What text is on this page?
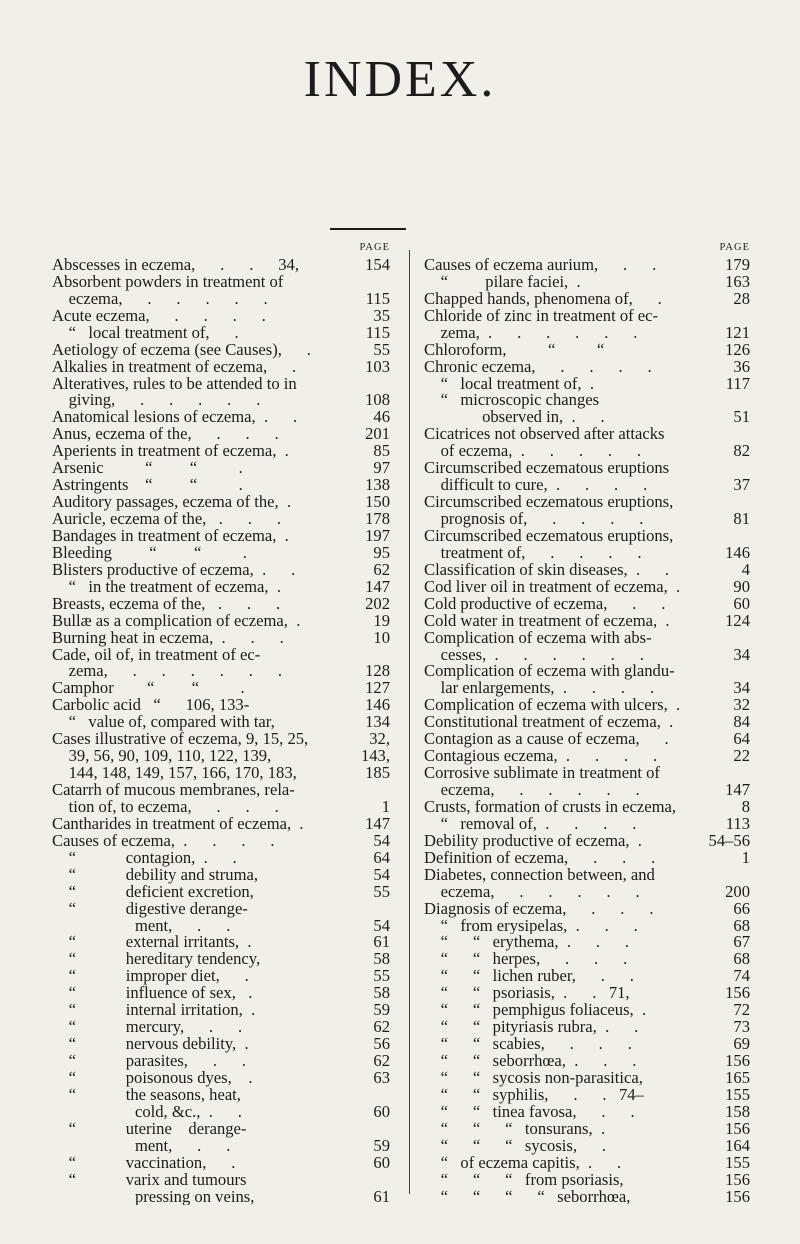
INDEX.
PAGE
Abscesses in eczema,      .      .      34,	154
Absorbent powders in treatment of
eczema,      .      .      .      .      .	115
Acute eczema,      .      .      .      .	35
“   local treatment of,      .	115
Aetiology of eczema (see Causes),      .	55
Alkalies in treatment of eczema,      .	103
Alteratives, rules to be attended to in
giving,      .      .      .      .      .	108
Anatomical lesions of eczema,  .      .	46
Anus, eczema of the,      .      .      .	201
Aperients in treatment of eczema,  .	85
Arsenic          “         “          .	97
Astringents    “         “          .	138
Auditory passages, eczema of the,  .	150
Auricle, eczema of the,   .      .      .	178
Bandages in treatment of eczema,  .	197
Bleeding         “         “          .	95
Blisters productive of eczema,  .      .	62
“   in the treatment of eczema,  .	147
Breasts, eczema of the,   .      .      .	202
Bullæ as a complication of eczema,  .	19
Burning heat in eczema,  .      .      .	10
Cade, oil of, in treatment of ec-
zema,      .      .      .      .      .      .	128
Camphor        “         “          .	127
Carbolic acid   “      106, 133-	146
“   value of, compared with tar,	134
Cases illustrative of eczema, 9, 15, 25,	32,
39, 56, 90, 109, 110, 122, 139,	143,
144, 148, 149, 157, 166, 170, 183,	185
Catarrh of mucous membranes, rela-
tion of, to eczema,      .      .      .	1
Cantharides in treatment of eczema,  .	147
Causes of eczema,  .      .      .      .	54
“            contagion,  .      .	64
“            debility and struma,	54
“            deficient excretion,	55
“            digestive derange-
ment,      .      .	54
“            external irritants,  .	61
“            hereditary tendency,	58
“            improper diet,      .	55
“            influence of sex,   .	58
“            internal irritation,  .	59
“            mercury,      .      .	62
“            nervous debility,  .	56
“            parasites,      .      .	62
“            poisonous dyes,    .	63
“            the seasons, heat,
cold, &c.,  .      .	60
“            uterine    derange-
ment,      .      .	59
“            vaccination,      .	60
“            varix and tumours
pressing on veins,	61
PAGE
Causes of eczema aurium,      .      .	179
“         pilare faciei,  .	163
Chapped hands, phenomena of,      .	28
Chloride of zinc in treatment of ec-
zema,  .      .      .      .      .      .	121
Chloroform,          “          “	126
Chronic eczema,      .      .      .      .	36
“   local treatment of,  .	117
“   microscopic changes
observed in,  .      .	51
Cicatrices not observed after attacks
of eczema,  .      .      .      .      .	82
Circumscribed eczematous eruptions
difficult to cure,  .      .      .      .	37
Circumscribed eczematous eruptions,
prognosis of,      .      .      .      .	81
Circumscribed eczematous eruptions,
treatment of,      .      .      .      .	146
Classification of skin diseases,  .      .	4
Cod liver oil in treatment of eczema,  .	90
Cold productive of eczema,      .      .	60
Cold water in treatment of eczema,  .	124
Complication of eczema with abs-
cesses,  .      .      .      .      .      .	34
Complication of eczema with glandu-
lar enlargements,  .      .      .      .	34
Complication of eczema with ulcers,  .	32
Constitutional treatment of eczema,  .	84
Contagion as a cause of eczema,      .	64
Contagious eczema,  .      .      .      .	22
Corrosive sublimate in treatment of
eczema,      .      .      .      .      .	147
Crusts, formation of crusts in eczema,	8
“   removal of,  .      .      .      .	113
Debility productive of eczema,  .	54–56
Definition of eczema,      .      .      .	1
Diabetes, connection between, and
eczema,      .      .      .      .      .	200
Diagnosis of eczema,      .      .      .	66
“   from erysipelas,  .      .      .	68
“      “   erythema,  .      .      .	67
“      “   herpes,      .      .      .	68
“      “   lichen ruber,      .      .	74
“      “   psoriasis,  .      .   71,	156
“      “   pemphigus foliaceus,  .	72
“      “   pityriasis rubra,  .      .	73
“      “   scabies,      .      .      .	69
“      “   seborrhœa,  .      .      .	156
“      “   sycosis non-parasitica,	165
“      “   syphilis,      .      .   74–	155
“      “   tinea favosa,      .      .	158
“      “      “   tonsurans,  .	156
“      “      “   sycosis,      .	164
“   of eczema capitis,  .      .	155
“      “      “   from psoriasis,	156
“      “      “      “   seborrhœa,	156
